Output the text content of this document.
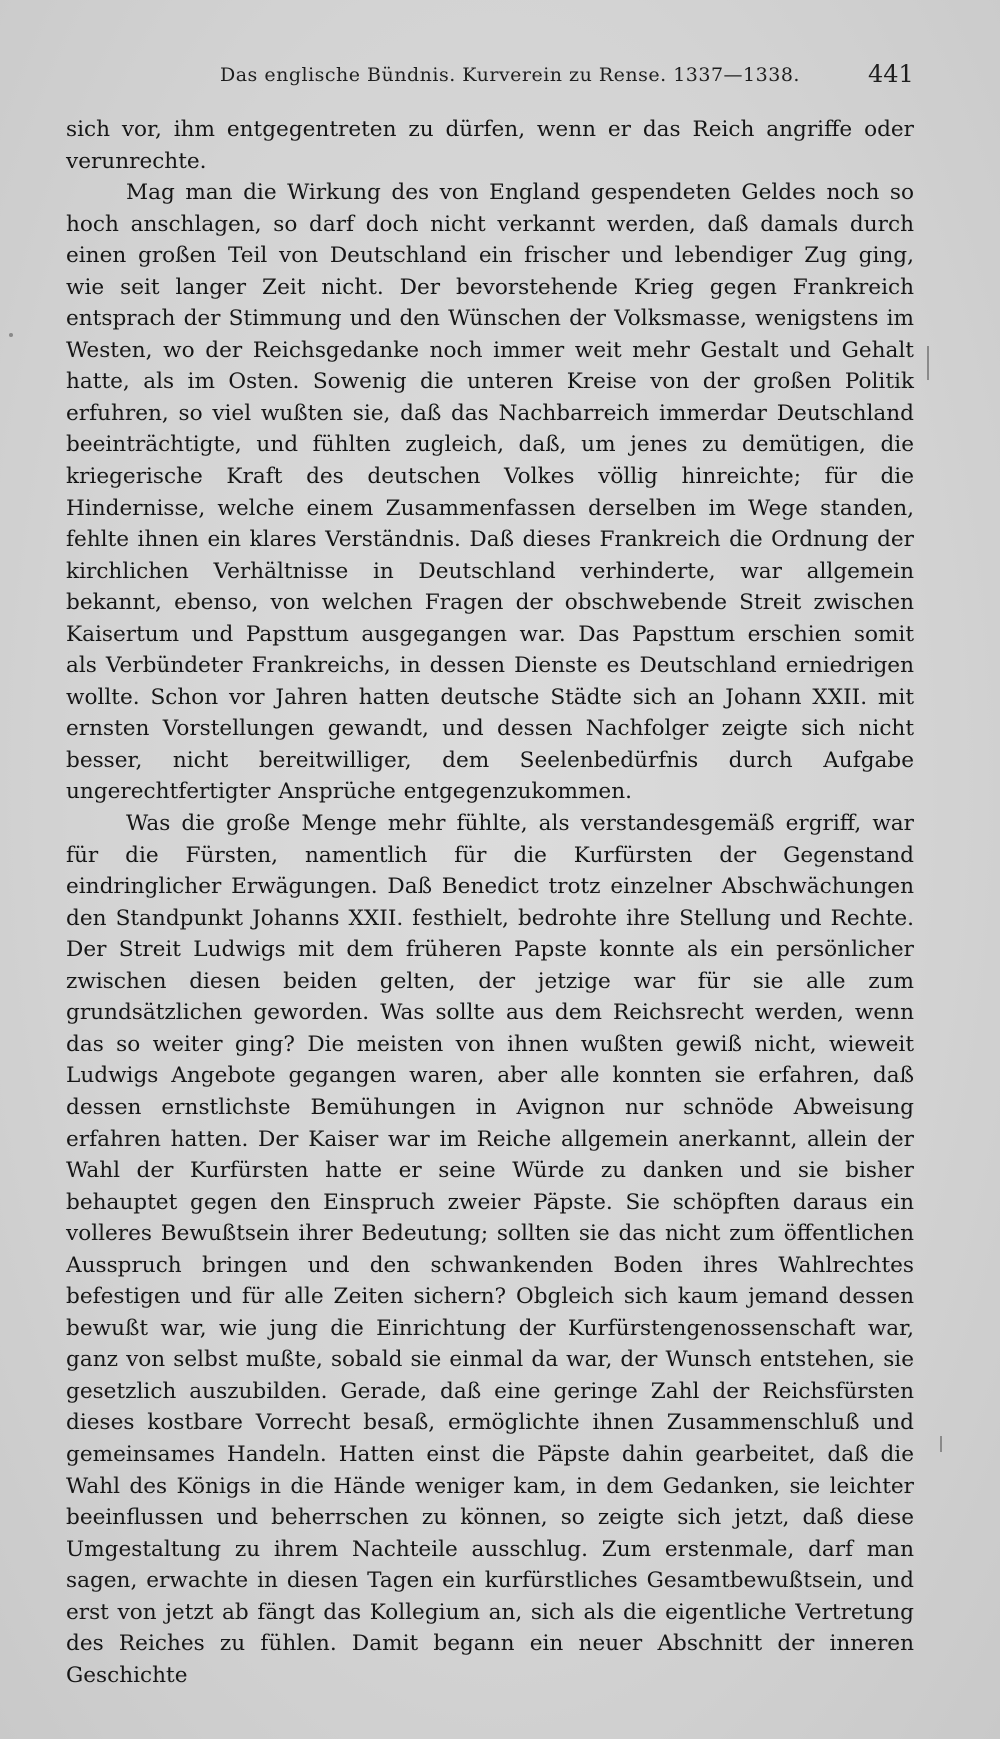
Das englische Bündnis. Kurverein zu Rense. 1337—1338.	441

sich vor, ihm entgegentreten zu dürfen, wenn er das Reich angriffe oder verunrechte.

Mag man die Wirkung des von England gespendeten Geldes noch so hoch anschlagen, so darf doch nicht verkannt werden, daß damals durch einen großen Teil von Deutschland ein frischer und lebendiger Zug ging, wie seit langer Zeit nicht. Der bevorstehende Krieg gegen Frankreich entsprach der Stimmung und den Wünschen der Volksmasse, wenigstens im Westen, wo der Reichsgedanke noch immer weit mehr Gestalt und Gehalt hatte, als im Osten. Sowenig die unteren Kreise von der großen Politik erfuhren, so viel wußten sie, daß das Nachbarreich immerdar Deutschland beeinträchtigte, und fühlten zugleich, daß, um jenes zu demütigen, die kriegerische Kraft des deutschen Volkes völlig hinreichte; für die Hindernisse, welche einem Zusammenfassen derselben im Wege standen, fehlte ihnen ein klares Verständnis. Daß dieses Frankreich die Ordnung der kirchlichen Verhältnisse in Deutschland verhinderte, war allgemein bekannt, ebenso, von welchen Fragen der obschwebende Streit zwischen Kaisertum und Papsttum ausgegangen war. Das Papsttum erschien somit als Verbündeter Frankreichs, in dessen Dienste es Deutschland erniedrigen wollte. Schon vor Jahren hatten deutsche Städte sich an Johann XXII. mit ernsten Vorstellungen gewandt, und dessen Nachfolger zeigte sich nicht besser, nicht bereitwilliger, dem Seelenbedürfnis durch Aufgabe ungerechtfertigter Ansprüche entgegenzukommen.

Was die große Menge mehr fühlte, als verstandesgemäß ergriff, war für die Fürsten, namentlich für die Kurfürsten der Gegenstand eindringlicher Erwägungen. Daß Benedict trotz einzelner Abschwächungen den Standpunkt Johanns XXII. festhielt, bedrohte ihre Stellung und Rechte. Der Streit Ludwigs mit dem früheren Papste konnte als ein persönlicher zwischen diesen beiden gelten, der jetzige war für sie alle zum grundsätzlichen geworden. Was sollte aus dem Reichsrecht werden, wenn das so weiter ging? Die meisten von ihnen wußten gewiß nicht, wieweit Ludwigs Angebote gegangen waren, aber alle konnten sie erfahren, daß dessen ernstlichste Bemühungen in Avignon nur schnöde Abweisung erfahren hatten. Der Kaiser war im Reiche allgemein anerkannt, allein der Wahl der Kurfürsten hatte er seine Würde zu danken und sie bisher behauptet gegen den Einspruch zweier Päpste. Sie schöpften daraus ein volleres Bewußtsein ihrer Bedeutung; sollten sie das nicht zum öffentlichen Ausspruch bringen und den schwankenden Boden ihres Wahlrechtes befestigen und für alle Zeiten sichern? Obgleich sich kaum jemand dessen bewußt war, wie jung die Einrichtung der Kurfürstengenossenschaft war, ganz von selbst mußte, sobald sie einmal da war, der Wunsch entstehen, sie gesetzlich auszubilden. Gerade, daß eine geringe Zahl der Reichsfürsten dieses kostbare Vorrecht besaß, ermöglichte ihnen Zusammenschluß und gemeinsames Handeln. Hatten einst die Päpste dahin gearbeitet, daß die Wahl des Königs in die Hände weniger kam, in dem Gedanken, sie leichter beeinflussen und beherrschen zu können, so zeigte sich jetzt, daß diese Umgestaltung zu ihrem Nachteile ausschlug. Zum erstenmale, darf man sagen, erwachte in diesen Tagen ein kurfürstliches Gesamtbewußtsein, und erst von jetzt ab fängt das Kollegium an, sich als die eigentliche Vertretung des Reiches zu fühlen. Damit begann ein neuer Abschnitt der inneren Geschichte
